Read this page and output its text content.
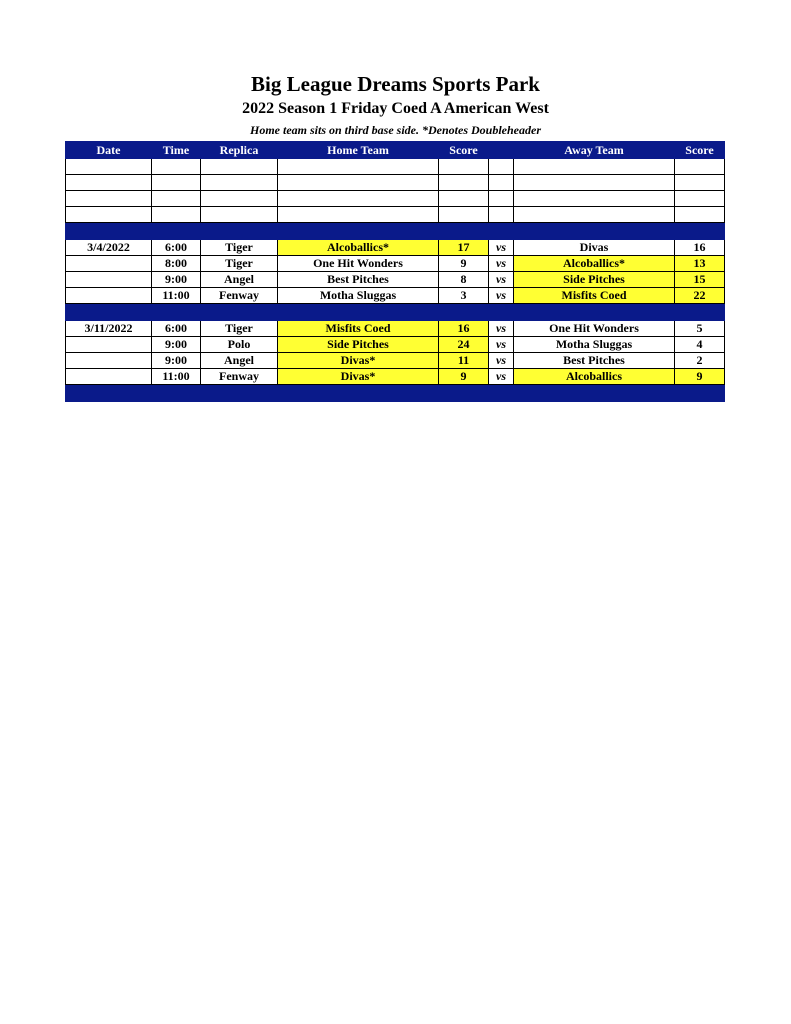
Big League Dreams Sports Park
2022 Season 1 Friday Coed A American West
Home team sits on third base side. *Denotes Doubleheader
Date	Time	Replica	Home Team	Score		Away Team	Score

3/4/2022	6:00	Tiger	Alcoballics*	17	vs	Divas	16
	8:00	Tiger	One Hit Wonders	9	vs	Alcoballics*	13
	9:00	Angel	Best Pitches	8	vs	Side Pitches	15
	11:00	Fenway	Motha Sluggas	3	vs	Misfits Coed	22

3/11/2022	6:00	Tiger	Misfits Coed	16	vs	One Hit Wonders	5
	9:00	Polo	Side Pitches	24	vs	Motha Sluggas	4
	9:00	Angel	Divas*	11	vs	Best Pitches	2
	11:00	Fenway	Divas*	9	vs	Alcoballics	9
